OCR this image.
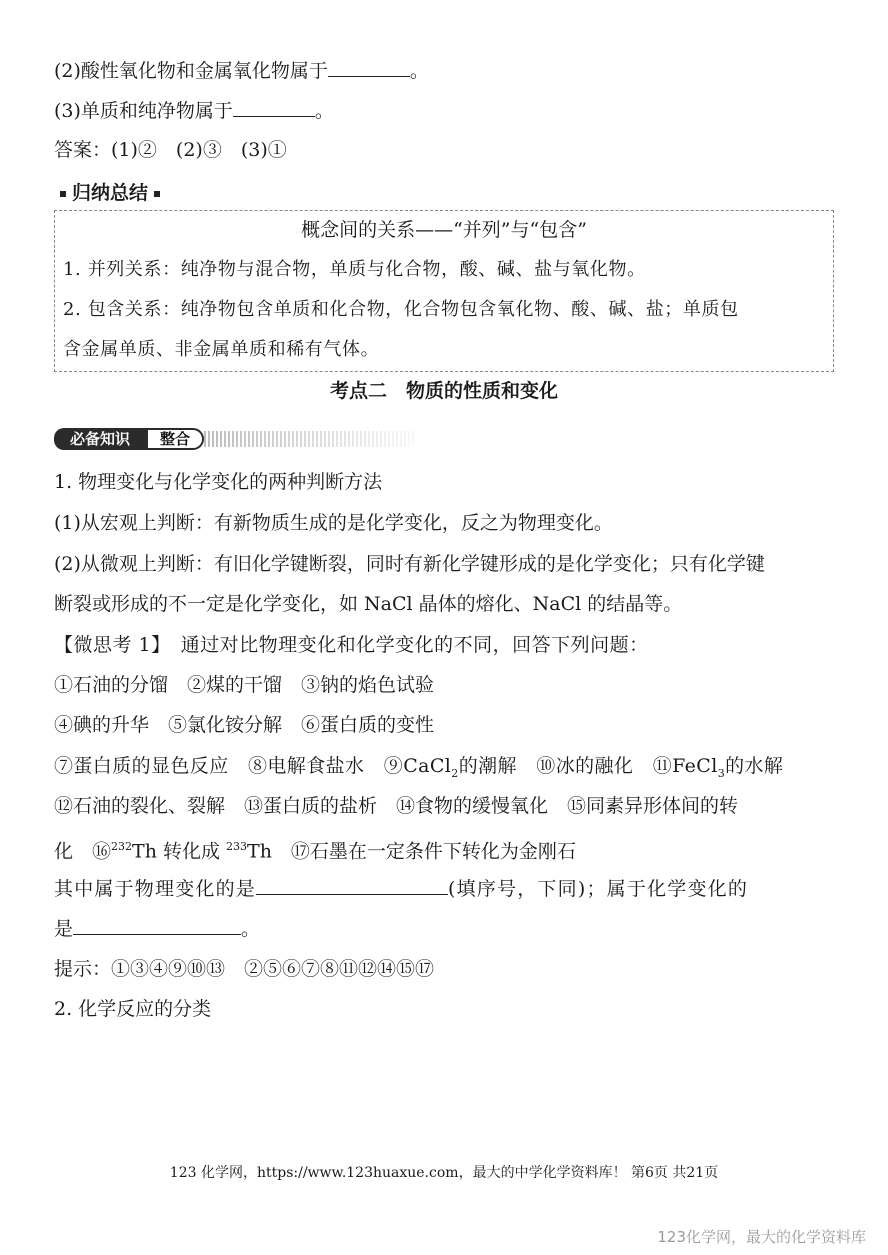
(2)酸性氧化物和金属氧化物属于	。
(3)单质和纯净物属于	。
答案：(1)②　(2)③　(3)①
归纳总结
概念间的关系——“并列”与“包含”
1. 并列关系：纯净物与混合物，单质与化合物，酸、碱、盐与氧化物。
2. 包含关系：纯净物包含单质和化合物，化合物包含氧化物、酸、碱、盐；单质包
含金属单质、非金属单质和稀有气体。
考点二　物质的性质和变化
必备知识	整合
1. 物理变化与化学变化的两种判断方法
(1)从宏观上判断：有新物质生成的是化学变化，反之为物理变化。
(2)从微观上判断：有旧化学键断裂，同时有新化学键形成的是化学变化；只有化学键
断裂或形成的不一定是化学变化，如 NaCl 晶体的熔化、NaCl 的结晶等。
【微思考 1】　通过对比物理变化和化学变化的不同，回答下列问题：
①石油的分馏　②煤的干馏　③钠的焰色试验
④碘的升华　⑤氯化铵分解　⑥蛋白质的变性
⑦蛋白质的显色反应　⑧电解食盐水　⑨CaCl$_2$的潮解　⑩冰的融化　⑪FeCl$_3$的水解
⑫石油的裂化、裂解　⑬蛋白质的盐析　⑭食物的缓慢氧化　⑮同素异形体间的转
化　⑯$^{232}$Th 转化成 $^{233}$Th　⑰石墨在一定条件下转化为金刚石
其中属于物理变化的是	(填序号，下同)；属于化学变化的
是	。
提示：①③④⑨⑩⑬　②⑤⑥⑦⑧⑪⑫⑭⑮⑰
2. 化学反应的分类
123 化学网，https://www.123huaxue.com，最大的中学化学资料库！ 第6页 共21页
123化学网，最大的化学资料库
